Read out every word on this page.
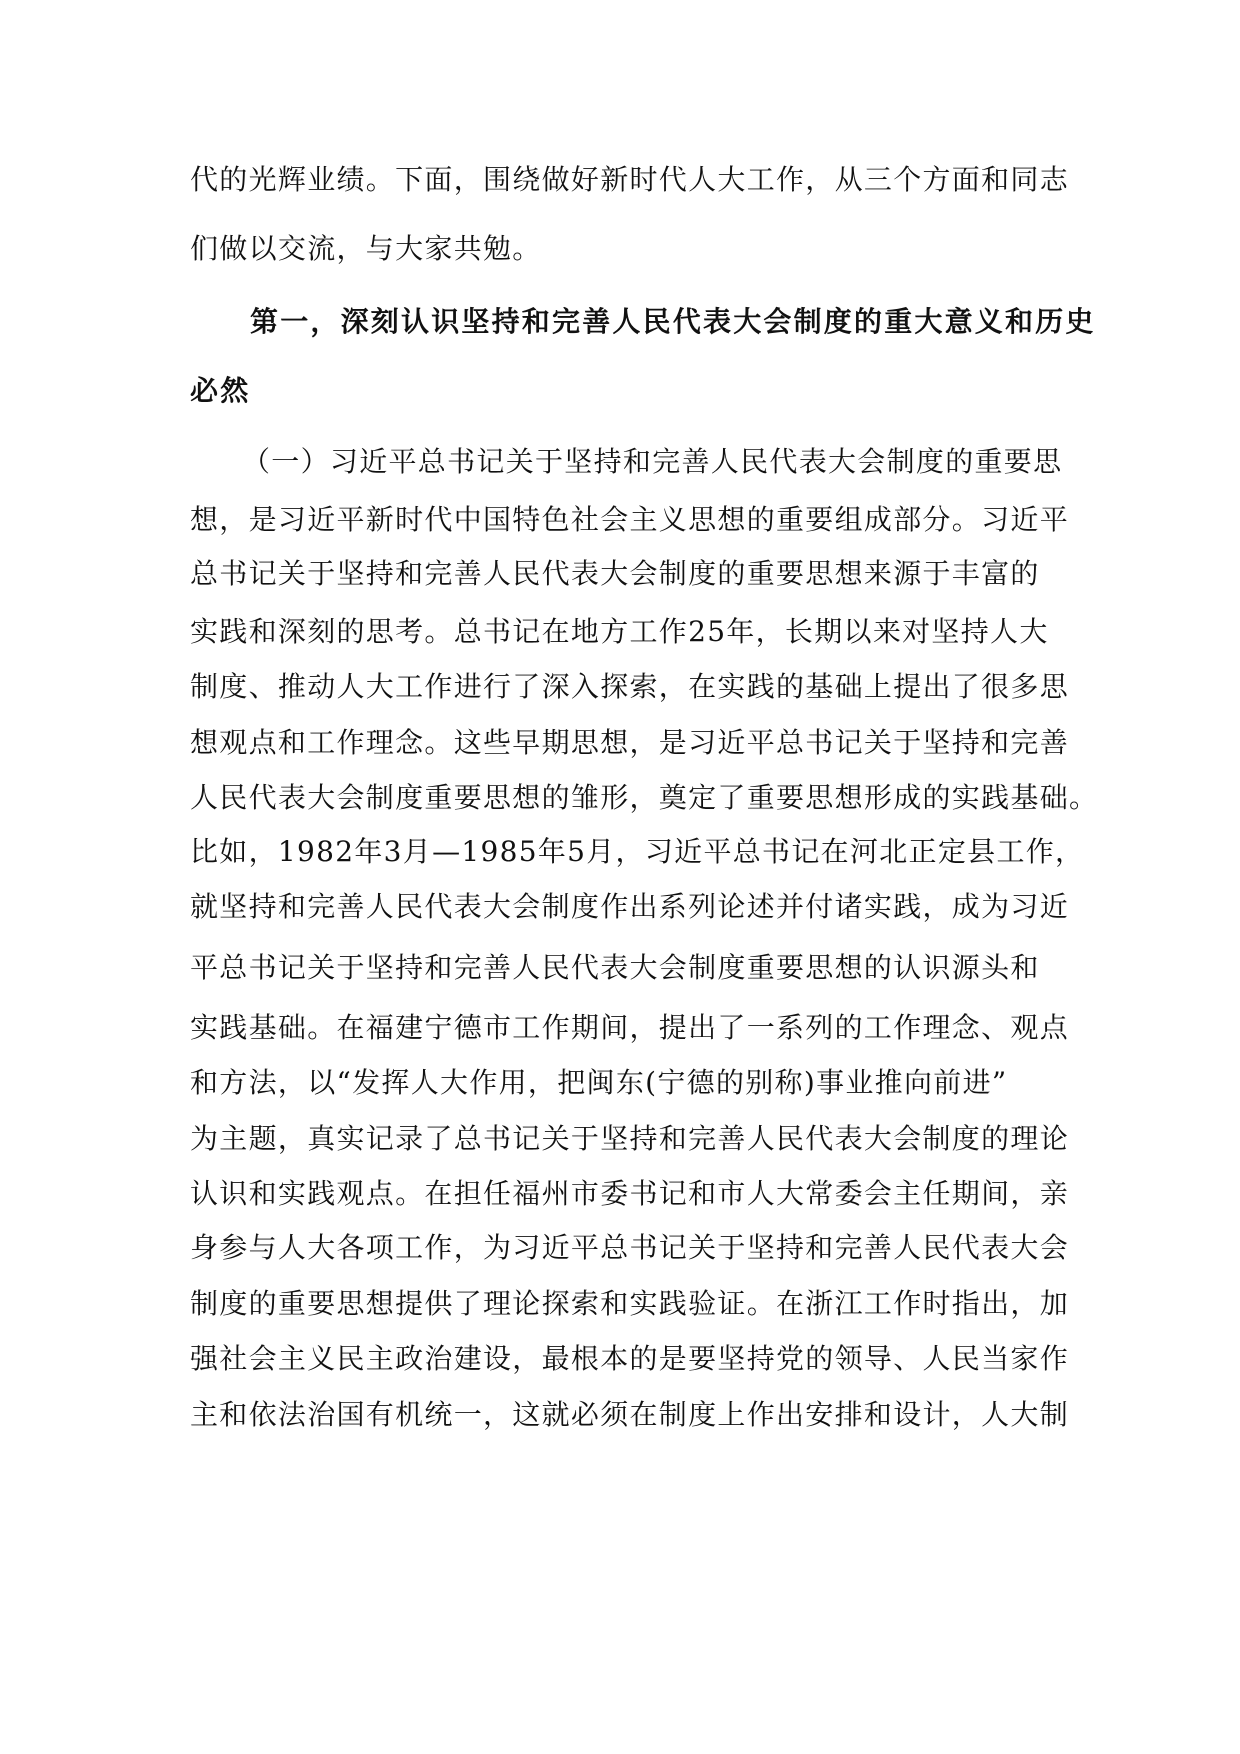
代的光辉业绩。下面，围绕做好新时代人大工作，从三个方面和同志
们做以交流，与大家共勉。
第一，深刻认识坚持和完善人民代表大会制度的重大意义和历史
必然
（一）习近平总书记关于坚持和完善人民代表大会制度的重要思
想，是习近平新时代中国特色社会主义思想的重要组成部分。习近平
总书记关于坚持和完善人民代表大会制度的重要思想来源于丰富的
实践和深刻的思考。总书记在地方工作25年，长期以来对坚持人大
制度、推动人大工作进行了深入探索，在实践的基础上提出了很多思
想观点和工作理念。这些早期思想，是习近平总书记关于坚持和完善
人民代表大会制度重要思想的雏形，奠定了重要思想形成的实践基础。
比如，1982年3月—1985年5月，习近平总书记在河北正定县工作，
就坚持和完善人民代表大会制度作出系列论述并付诸实践，成为习近
平总书记关于坚持和完善人民代表大会制度重要思想的认识源头和
实践基础。在福建宁德市工作期间，提出了一系列的工作理念、观点
和方法，以“发挥人大作用，把闽东(宁德的别称)事业推向前进”
为主题，真实记录了总书记关于坚持和完善人民代表大会制度的理论
认识和实践观点。在担任福州市委书记和市人大常委会主任期间，亲
身参与人大各项工作，为习近平总书记关于坚持和完善人民代表大会
制度的重要思想提供了理论探索和实践验证。在浙江工作时指出，加
强社会主义民主政治建设，最根本的是要坚持党的领导、人民当家作
主和依法治国有机统一，这就必须在制度上作出安排和设计，人大制
